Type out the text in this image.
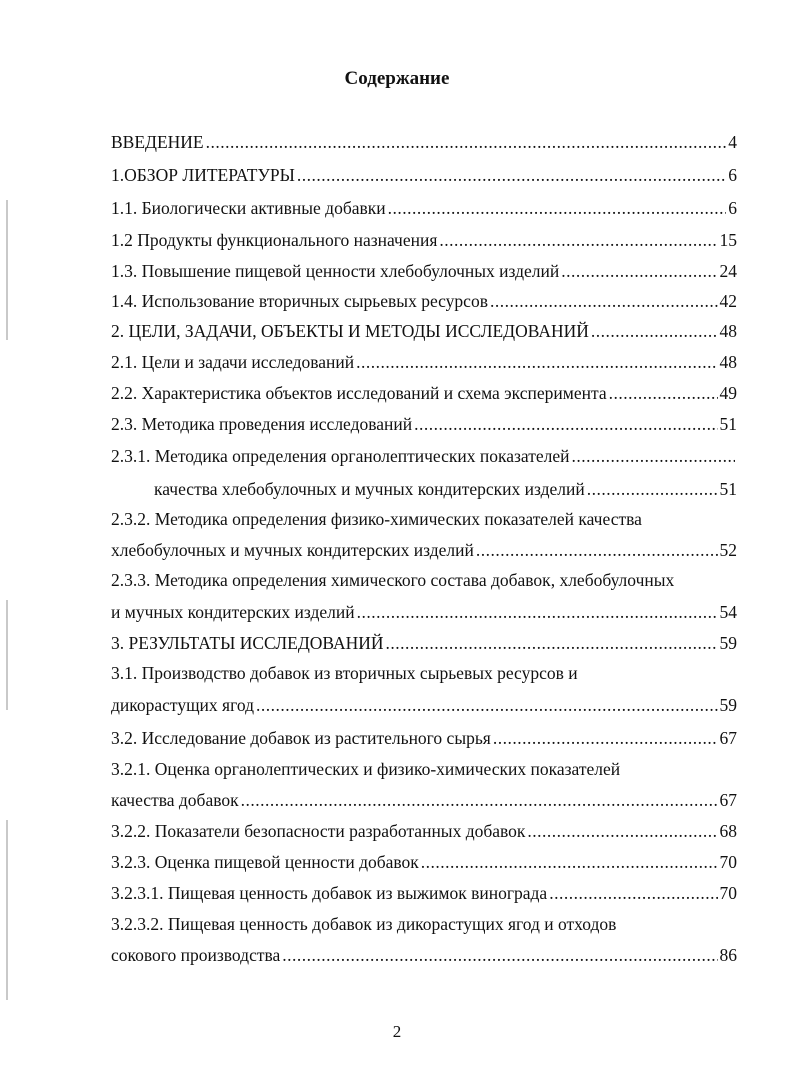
Содержание
ВВЕДЕНИЕ .....	4
1.ОБЗОР ЛИТЕРАТУРЫ .....	6
1.1. Биологически активные добавки .....	6
1.2 Продукты функционального назначения .....	15
1.3. Повышение пищевой ценности хлебобулочных изделий .....	24
1.4. Использование вторичных сырьевых ресурсов .....	42
2. ЦЕЛИ, ЗАДАЧИ, ОБЪЕКТЫ И МЕТОДЫ ИССЛЕДОВАНИЙ .....	48
2.1. Цели и задачи исследований .....	48
2.2. Характеристика объектов исследований и схема эксперимента .....	49
2.3. Методика проведения исследований .....	51
2.3.1. Методика определения органолептических показателей
.....
качества хлебобулочных и мучных кондитерских изделий .....	51
2.3.2. Методика определения физико-химических показателей качества
хлебобулочных и мучных кондитерских изделий .....	52
2.3.3. Методика определения химического состава добавок, хлебобулочных
и мучных кондитерских изделий .....	54
3. РЕЗУЛЬТАТЫ ИССЛЕДОВАНИЙ .....	59
3.1. Производство добавок из вторичных сырьевых ресурсов и
дикорастущих ягод .....	59
3.2. Исследование добавок из растительного сырья .....	67
3.2.1. Оценка органолептических и физико-химических показателей
качества добавок .....	67
3.2.2. Показатели безопасности разработанных добавок .....	68
3.2.3. Оценка пищевой ценности добавок .....	70
3.2.3.1. Пищевая ценность добавок из выжимок винограда .....	70
3.2.3.2. Пищевая ценность добавок из дикорастущих ягод и отходов
сокового производства .....	86
2
